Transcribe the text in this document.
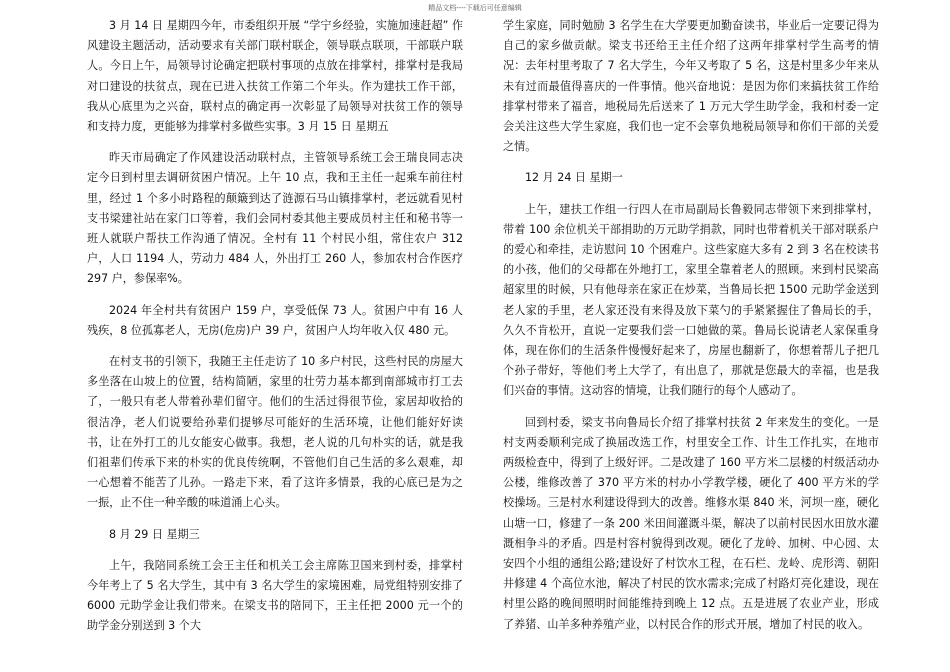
精品文档----下载后可任意编辑

3 月 14 日 星期四今年，市委组织开展 “学宁乡经验，实施加速赶超” 作风建设主题活动，活动要求有关部门联村联企，领导联点联项，干部联户联人。今日上午，局领导讨论确定把联村事项的点放在排掌村，排掌村是我局对口建设的扶贫点，现在已进入扶贫工作第二个年头。作为建扶工作干部，我从心底里为之兴奋，联村点的确定再一次彰显了局领导对扶贫工作的领导和支持力度，更能够为排掌村多做些实事。3 月 15 日 星期五

昨天市局确定了作风建设活动联村点，主管领导系统工会王瑞良同志决定今日到村里去调研贫困户情况。上午 10 点，我和王主任一起乘车前往村里，经过 1 个多小时路程的颠簸到达了涟源石马山镇排掌村，老远就看见村支书梁建社站在家门口等着，我们会同村委其他主要成员村主任和秘书等一班人就联户帮扶工作沟通了情况。全村有 11 个村民小组，常住农户 312 户，人口 1194 人，劳动力 484 人，外出打工 260 人，参加农村合作医疗 297 户，参保率%。

2024 年全村共有贫困户 159 户，享受低保 73 人。贫困户中有 16 人残疾，8 位孤寡老人，无房(危房)户 39 户，贫困户人均年收入仅 480 元。

在村支书的引领下，我随王主任走访了 10 多户村民，这些村民的房屋大多坐落在山坡上的位置，结构简陋，家里的壮劳力基本都到南部城市打工去了，一般只有老人带着孙辈们留守。他们的生活过得很节俭，家居却收拾的很洁净，老人们说要给孙辈们提够尽可能好的生活环境，让他们能好好读书，让在外打工的儿女能安心做事。我想，老人说的几句朴实的话，就是我们祖辈们传承下来的朴实的优良传统啊，不管他们自己生活的多么艰难，却一心想着不能苦了儿孙。一路走下来，看了这许多情景，我的心底已是为之一振，止不住一种辛酸的味道涌上心头。

8 月 29 日 星期三

上午，我陪同系统工会王主任和机关工会主席陈卫国来到村委，排掌村今年考上了 5 名大学生，其中有 3 名大学生的家境困难，局党组特别安排了 6000 元助学金让我们带来。在梁支书的陪同下，王主任把 2000 元一个的助学金分别送到 3 个大

学生家庭，同时勉励 3 名学生在大学要更加勤奋读书，毕业后一定要记得为自己的家乡做贡献。梁支书还给王主任介绍了这两年排掌村学生高考的情况：去年村里考取了 7 名大学生，今年又考取了 5 名，这是村里多少年来从未有过而最值得喜庆的一件事情。他兴奋地说：是因为你们来搞扶贫工作给排掌村带来了福音，地税局先后送来了 1 万元大学生助学金，我和村委一定会关注这些大学生家庭，我们也一定不会辜负地税局领导和你们干部的关爱之情。

12 月 24 日 星期一

上午，建扶工作组一行四人在市局副局长鲁毅同志带领下来到排掌村，带着 100 余位机关干部捐助的万元助学捐款，同时也带着机关干部对联系户的爱心和牵挂，走访慰问 10 个困难户。这些家庭大多有 2 到 3 名在校读书的小孩，他们的父母都在外地打工，家里全靠着老人的照顾。来到村民梁高超家里的时候，只有他母亲在家正在炒菜，当鲁局长把 1500 元助学金送到老人家的手里，老人家还没有来得及放下菜勺的手紧紧握住了鲁局长的手，久久不肯松开，直说一定要我们尝一口她做的菜。鲁局长说请老人家保重身体，现在你们的生活条件慢慢好起来了，房屋也翻新了，你想着帮儿子把几个孙子带好，等他们考上大学了，有出息了，那就是您最大的幸福，也是我们兴奋的事情。这动容的情境，让我们随行的每个人感动了。

回到村委，梁支书向鲁局长介绍了排掌村扶贫 2 年来发生的变化。一是村支两委顺利完成了换届改选工作，村里安全工作、计生工作扎实，在地市两级检查中，得到了上级好评。二是改建了 160 平方米二层楼的村级活动办公楼，维修改善了 370 平方米的村办小学教学楼，硬化了 400 平方米的学校操场。三是村水利建设得到大的改善。维修水渠 840 米，河坝一座，硬化山塘一口，修建了一条 200 米田间灌溉斗渠，解决了以前村民因水田放水灌溉相争斗的矛盾。四是村容村貌得到改观。硬化了龙岭、加树、中心园、太安四个小组的通组公路;建设好了村饮水工程，在石栏、龙岭、虎形湾、朝阳井修建 4 个高位水池，解决了村民的饮水需求;完成了村路灯亮化建设，现在村里公路的晚间照明时间能维持到晚上 12 点。五是进展了农业产业，形成了养猪、山羊多种养殖产业，以村民合作的形式开展，增加了村民的收入。
